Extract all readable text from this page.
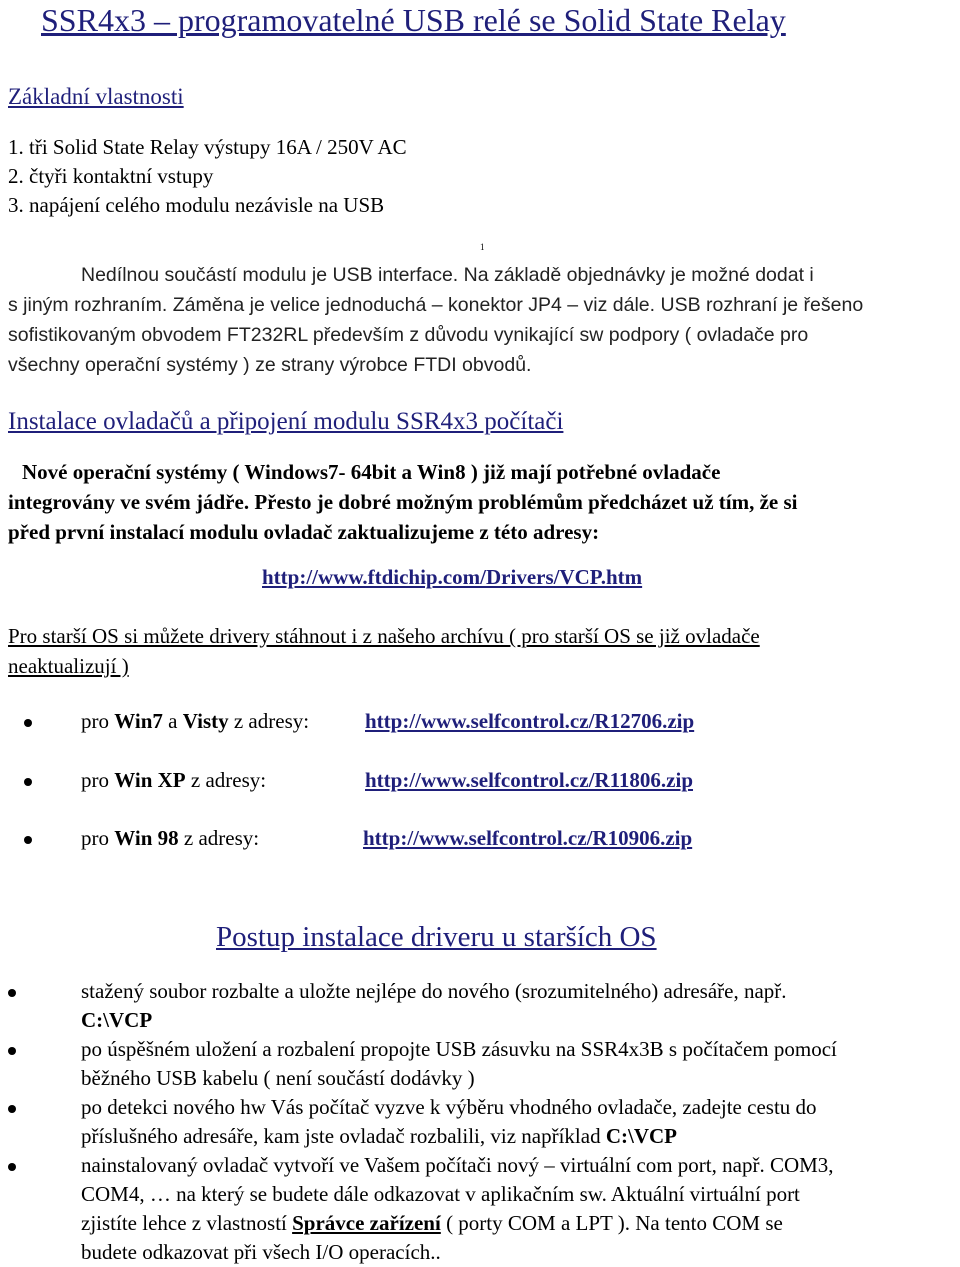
SSR4x3 – programovatelné USB relé se Solid State Relay
Základní vlastnosti
1. tři Solid State Relay výstupy 16A / 250V AC
2. čtyři kontaktní vstupy
3. napájení celého modulu nezávisle na USB
1
Nedílnou součástí modulu je USB interface. Na základě objednávky je možné dodat i
s jiným rozhraním. Záměna je velice jednoduchá – konektor JP4 – viz dále. USB rozhraní je řešeno
sofistikovaným obvodem FT232RL především z důvodu vynikající sw podpory ( ovladače pro
všechny operační systémy ) ze strany výrobce FTDI obvodů.
Instalace ovladačů a připojení modulu SSR4x3 počítači
Nové operační systémy ( Windows7- 64bit a Win8 ) již mají potřebné ovladače
integrovány ve svém jádře. Přesto je dobré možným problémům předcházet už tím, že si
před první instalací modulu ovladač zaktualizujeme z této adresy:
http://www.ftdichip.com/Drivers/VCP.htm
Pro starší OS si můžete drivery stáhnout i z našeho archívu ( pro starší OS se již ovladače
neaktualizují )
pro Win7 a Visty z adresy:	http://www.selfcontrol.cz/R12706.zip
pro Win XP z adresy:	http://www.selfcontrol.cz/R11806.zip
pro Win 98 z adresy:	http://www.selfcontrol.cz/R10906.zip
Postup instalace driveru u starších OS
stažený soubor rozbalte a uložte nejlépe do nového (srozumitelného) adresáře, např.
C:\VCP
po úspěšném uložení a rozbalení propojte USB zásuvku na SSR4x3B s počítačem pomocí
běžného USB kabelu ( není součástí dodávky )
po detekci nového hw Vás počítač vyzve k výběru vhodného ovladače, zadejte cestu do
příslušného adresáře, kam jste ovladač rozbalili, viz například C:\VCP
nainstalovaný ovladač vytvoří ve Vašem počítači nový – virtuální com port, např. COM3,
COM4, … na který se budete dále odkazovat v aplikačním sw. Aktuální virtuální port
zjistíte lehce z vlastností Správce zařízení ( porty COM a LPT ). Na tento COM se
budete odkazovat při všech I/O operacích..
